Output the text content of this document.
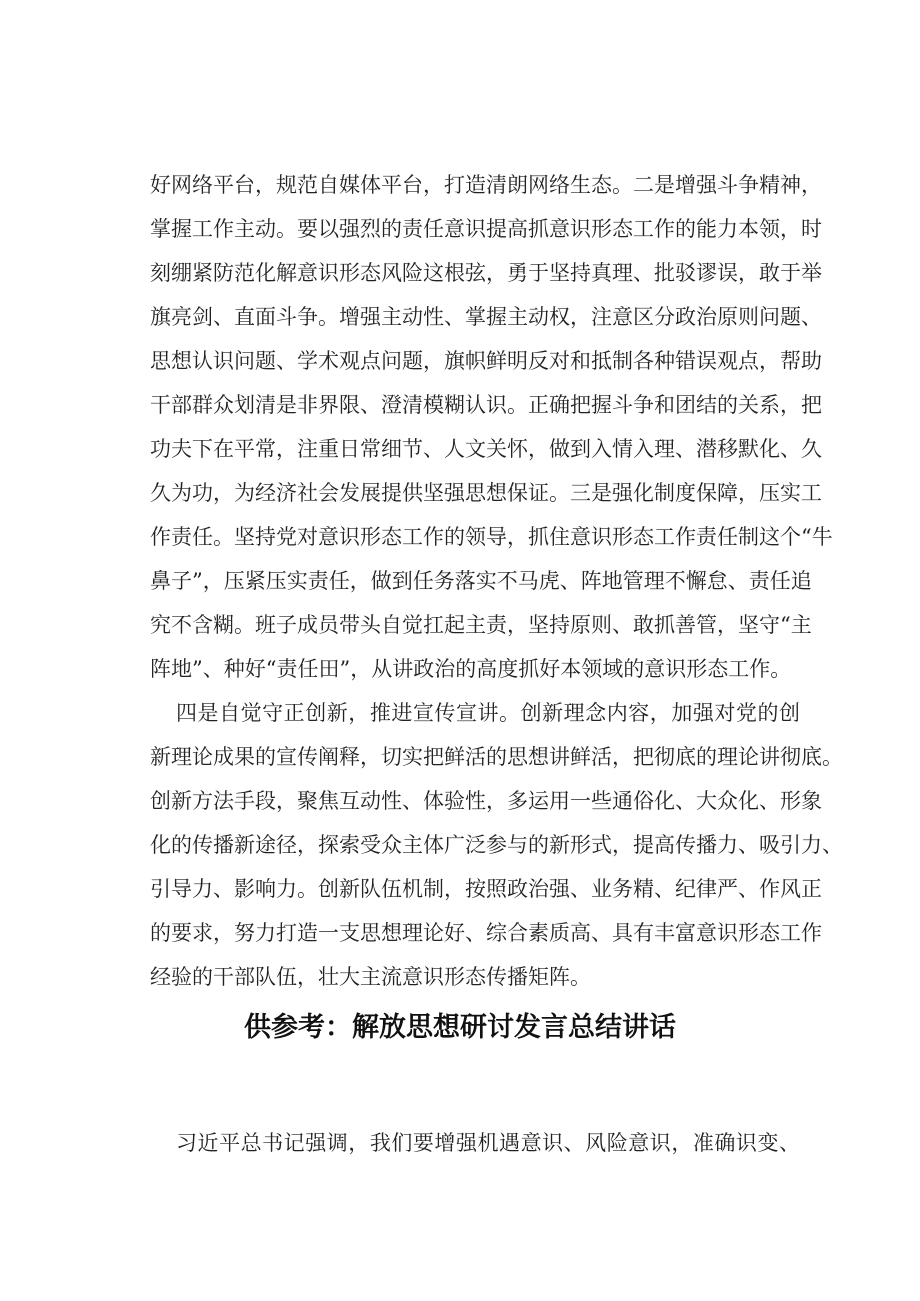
好网络平台，规范自媒体平台，打造清朗网络生态。二是增强斗争精神，

掌握工作主动。要以强烈的责任意识提高抓意识形态工作的能力本领，时

刻绷紧防范化解意识形态风险这根弦，勇于坚持真理、批驳谬误，敢于举

旗亮剑、直面斗争。增强主动性、掌握主动权，注意区分政治原则问题、

思想认识问题、学术观点问题，旗帜鲜明反对和抵制各种错误观点，帮助

干部群众划清是非界限、澄清模糊认识。正确把握斗争和团结的关系，把

功夫下在平常，注重日常细节、人文关怀，做到入情入理、潜移默化、久

久为功，为经济社会发展提供坚强思想保证。三是强化制度保障，压实工

作责任。坚持党对意识形态工作的领导，抓住意识形态工作责任制这个“牛

鼻子”，压紧压实责任，做到任务落实不马虎、阵地管理不懈怠、责任追

究不含糊。班子成员带头自觉扛起主责，坚持原则、敢抓善管，坚守“主

阵地”、种好“责任田”，从讲政治的高度抓好本领域的意识形态工作。

四是自觉守正创新，推进宣传宣讲。创新理念内容，加强对党的创

新理论成果的宣传阐释，切实把鲜活的思想讲鲜活，把彻底的理论讲彻底。

创新方法手段，聚焦互动性、体验性，多运用一些通俗化、大众化、形象

化的传播新途径，探索受众主体广泛参与的新形式，提高传播力、吸引力、

引导力、影响力。创新队伍机制，按照政治强、业务精、纪律严、作风正

的要求，努力打造一支思想理论好、综合素质高、具有丰富意识形态工作

经验的干部队伍，壮大主流意识形态传播矩阵。

供参考：解放思想研讨发言总结讲话

习近平总书记强调，我们要增强机遇意识、风险意识，准确识变、
